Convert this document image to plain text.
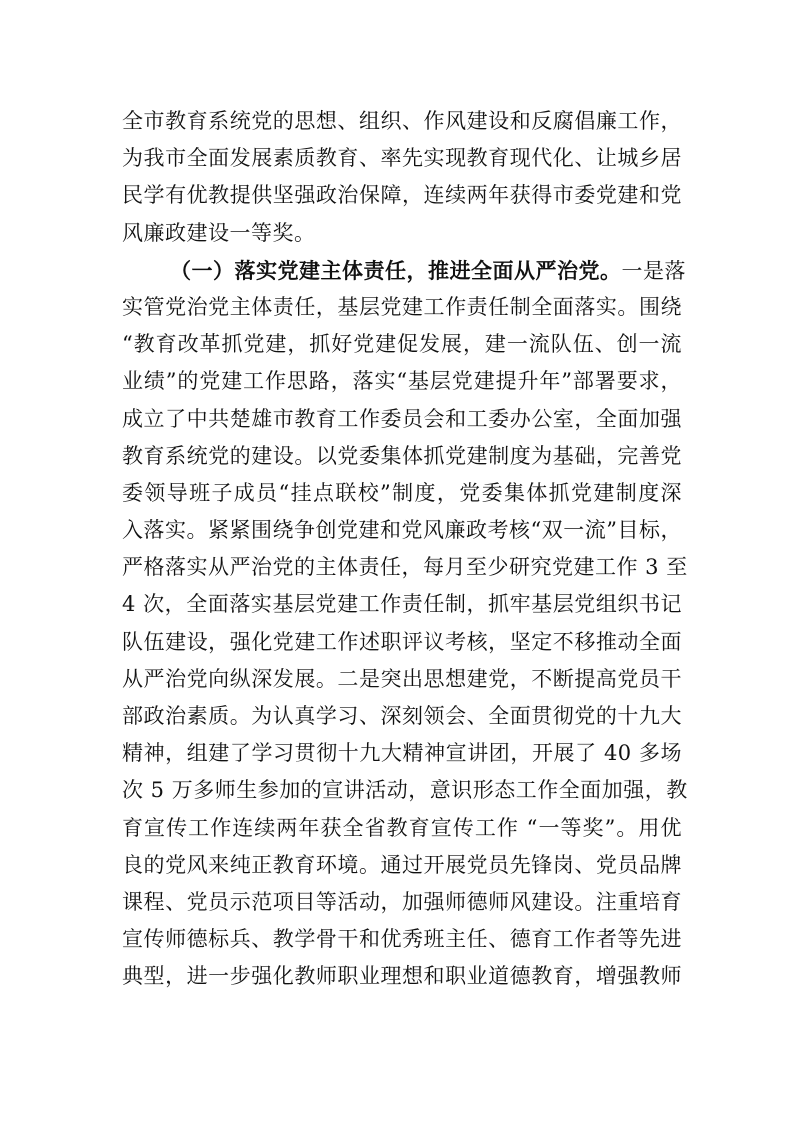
全市教育系统党的思想、组织、作风建设和反腐倡廉工作，
为我市全面发展素质教育、率先实现教育现代化、让城乡居
民学有优教提供坚强政治保障，连续两年获得市委党建和党
风廉政建设一等奖。
（一）落实党建主体责任，推进全面从严治党。一是落
实管党治党主体责任，基层党建工作责任制全面落实。围绕
“教育改革抓党建，抓好党建促发展，建一流队伍、创一流
业绩”的党建工作思路，落实“基层党建提升年”部署要求，
成立了中共楚雄市教育工作委员会和工委办公室，全面加强
教育系统党的建设。以党委集体抓党建制度为基础，完善党
委领导班子成员“挂点联校”制度，党委集体抓党建制度深
入落实。紧紧围绕争创党建和党风廉政考核“双一流”目标，
严格落实从严治党的主体责任，每月至少研究党建工作 3 至
4 次，全面落实基层党建工作责任制，抓牢基层党组织书记
队伍建设，强化党建工作述职评议考核，坚定不移推动全面
从严治党向纵深发展。二是突出思想建党，不断提高党员干
部政治素质。为认真学习、深刻领会、全面贯彻党的十九大
精神，组建了学习贯彻十九大精神宣讲团，开展了 40 多场
次 5 万多师生参加的宣讲活动，意识形态工作全面加强，教
育宣传工作连续两年获全省教育宣传工作 “一等奖”。用优
良的党风来纯正教育环境。通过开展党员先锋岗、党员品牌
课程、党员示范项目等活动，加强师德师风建设。注重培育
宣传师德标兵、教学骨干和优秀班主任、德育工作者等先进
典型，进一步强化教师职业理想和职业道德教育，增强教师
